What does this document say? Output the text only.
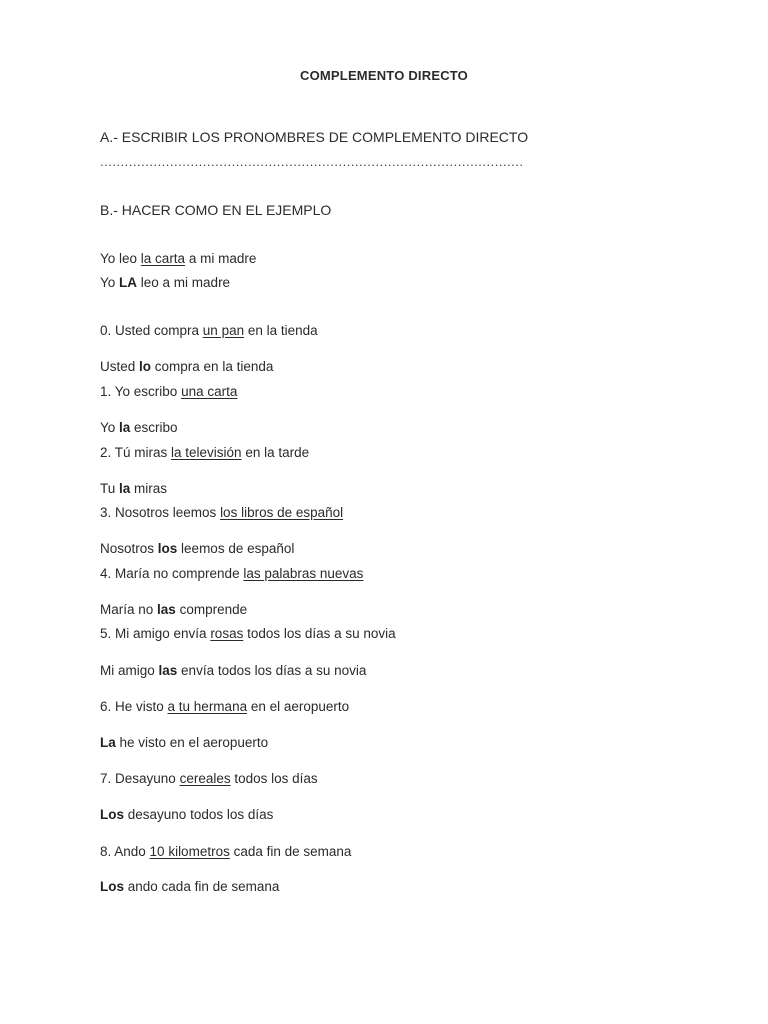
COMPLEMENTO DIRECTO
A.- ESCRIBIR LOS PRONOMBRES DE COMPLEMENTO DIRECTO
.......................................................................................................
B.- HACER COMO EN EL EJEMPLO
Yo leo la carta a mi madre
Yo LA leo a mi madre
0. Usted compra un pan en la tienda
Usted lo compra en la tienda
1. Yo escribo una carta
Yo la escribo
2. Tú miras la televisión en la tarde
Tu la miras
3. Nosotros leemos los libros de español
Nosotros los leemos de español
4. María no comprende las palabras nuevas
María no las comprende
5. Mi amigo envía rosas todos los días a su novia
Mi amigo las envía todos los días a su novia
6. He visto a tu hermana en el aeropuerto
La he visto en el aeropuerto
7. Desayuno cereales todos los días
Los desayuno todos los días
8. Ando 10 kilometros cada fin de semana
Los ando cada fin de semana
